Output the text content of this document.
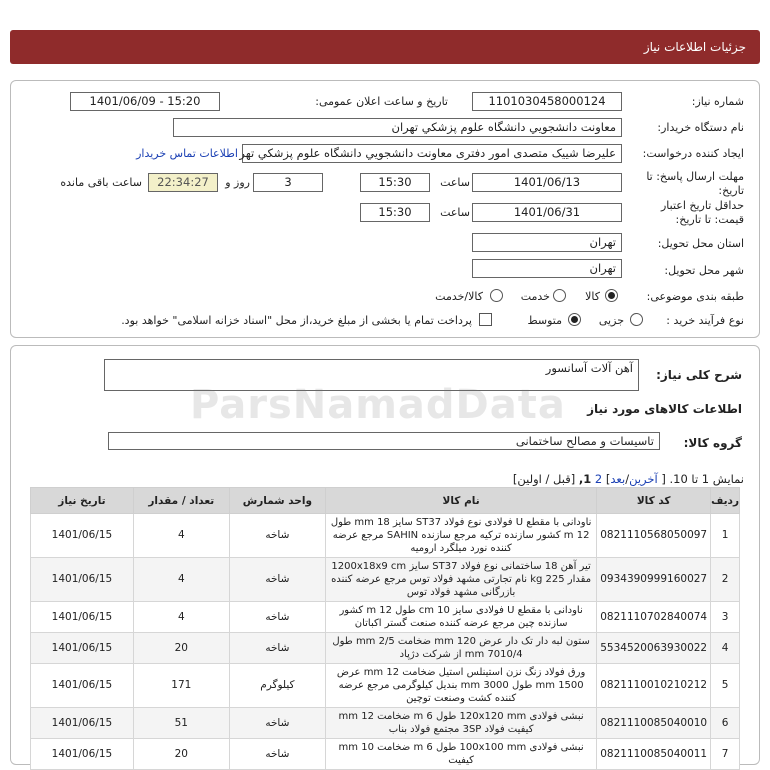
جزئیات اطلاعات نیاز
شماره نیاز:
1101030458000124
تاریخ و ساعت اعلان عمومی:
1401/06/09 - 15:20
نام دستگاه خریدار:
معاونت دانشجويي دانشگاه علوم پزشكي تهران
ایجاد کننده درخواست:
عليرضا شييک متصدی امور دفتری معاونت دانشجويي دانشگاه علوم پزشكي تهر
اطلاعات تماس خریدار
مهلت ارسال پاسخ: تا
تاریخ:
1401/06/13
ساعت
15:30
3
روز و
22:34:27
ساعت باقی مانده
حداقل تاریخ اعتبار
قیمت: تا تاریخ:
1401/06/31
ساعت
15:30
استان محل تحویل:
تهران
شهر محل تحویل:
تهران
طبقه بندی موضوعی:
کالا
خدمت
کالا/خدمت
نوع فرآیند خرید :
جزیی
متوسط
پرداخت تمام یا بخشی از مبلغ خرید،از محل "اسناد خزانه اسلامی" خواهد بود.
شرح کلی نیاز:
آهن آلات آسانسور
ParsNamadData اطلاعات کالاهای مورد نیاز
گروه کالا:
تاسیسات و مصالح ساختمانی
نمایش 1 تا 10. [ آخرین/بعد] 2 1, [قبل / اولین]
ردیف	کد کالا	نام کالا	واحد شمارش	تعداد / مقدار	تاریخ نیاز
1	0821110568050097	ناودانی با مقطع U فولادی نوع فولاد ST37 سایز 18 mm طول 12 m کشور سازنده ترکیه مرجع سازنده SAHIN مرجع عرضه کننده نورد میلگرد ارومیه	شاخه	4	1401/06/15
2	0934390999160027	تیر آهن 18 ساختمانی نوع فولاد ST37 سایز 1200x18x9 cm مقدار 225 kg نام تجارتی مشهد فولاد توس مرجع عرضه کننده بازرگانی مشهد فولاد توس	شاخه	4	1401/06/15
3	0821110702840074	ناودانی با مقطع U فولادی سایز 10 cm طول 12 m کشور سازنده چین مرجع عرضه کننده صنعت گستر اکباتان	شاخه	4	1401/06/15
4	5534520063930022	ستون لبه دار تک دار عرض 120 mm ضخامت 2/5 mm طول 7010/4 mm از شرکت دژپاد	شاخه	20	1401/06/15
5	0821110010210212	ورق فولاد زنگ نزن استینلس استیل ضخامت 12 mm عرض 1500 mm طول 3000 mm بندیل کیلوگرمی مرجع عرضه کننده کشت وصنعت توچین	کیلوگرم	171	1401/06/15
6	0821110085040010	نبشی فولادی 120x120 mm طول 6 m ضخامت 12 mm کیفیت فولاد 3SP مجتمع فولاد بناب	شاخه	51	1401/06/15
7	0821110085040011	نبشی فولادی 100x100 mm طول 6 m ضخامت 10 mm کیفیت	شاخه	20	1401/06/15
